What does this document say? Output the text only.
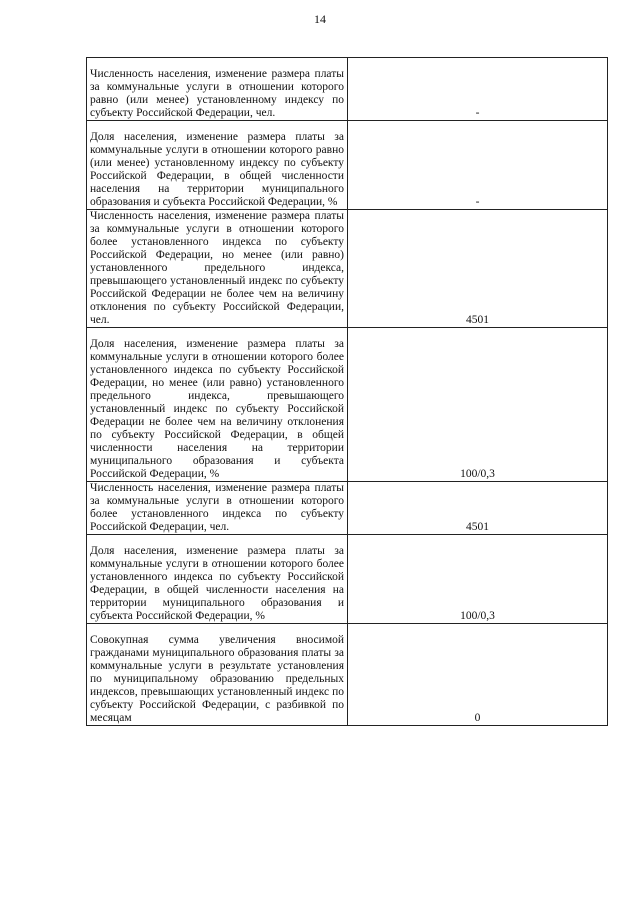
14
Численность населения, изменение размера платы за коммунальные услуги в отношении которого равно (или менее) установленному индексу по субъекту Российской Федерации, чел.	-
Доля населения, изменение размера платы за коммунальные услуги в отношении которого равно (или менее) установленному индексу по субъекту Российской Федерации, в общей численности населения на территории муниципального образования и субъекта Российской Федерации, %	-
Численность населения, изменение размера платы за коммунальные услуги в отношении которого более установленного индекса по субъекту Российской Федерации, но менее (или равно) установленного предельного индекса, превышающего установленный индекс по субъекту Российской Федерации не более чем на величину отклонения по субъекту Российской Федерации, чел.	4501
Доля населения, изменение размера платы за коммунальные услуги в отношении которого более установленного индекса по субъекту Российской Федерации, но менее (или равно) установленного предельного индекса, превышающего установленный индекс по субъекту Российской Федерации не более чем на величину отклонения по субъекту Российской Федерации, в общей численности населения на территории муниципального образования и субъекта Российской Федерации, %	100/0,3
Численность населения, изменение размера платы за коммунальные услуги в отношении которого более установленного индекса по субъекту Российской Федерации, чел.	4501
Доля населения, изменение размера платы за коммунальные услуги в отношении которого более установленного индекса по субъекту Российской Федерации, в общей численности населения на территории муниципального образования и субъекта Российской Федерации, %	100/0,3
Совокупная сумма увеличения вносимой гражданами муниципального образования платы за коммунальные услуги в результате установления по муниципальному образованию предельных индексов, превышающих установленный индекс по субъекту Российской Федерации, с разбивкой по месяцам	0
